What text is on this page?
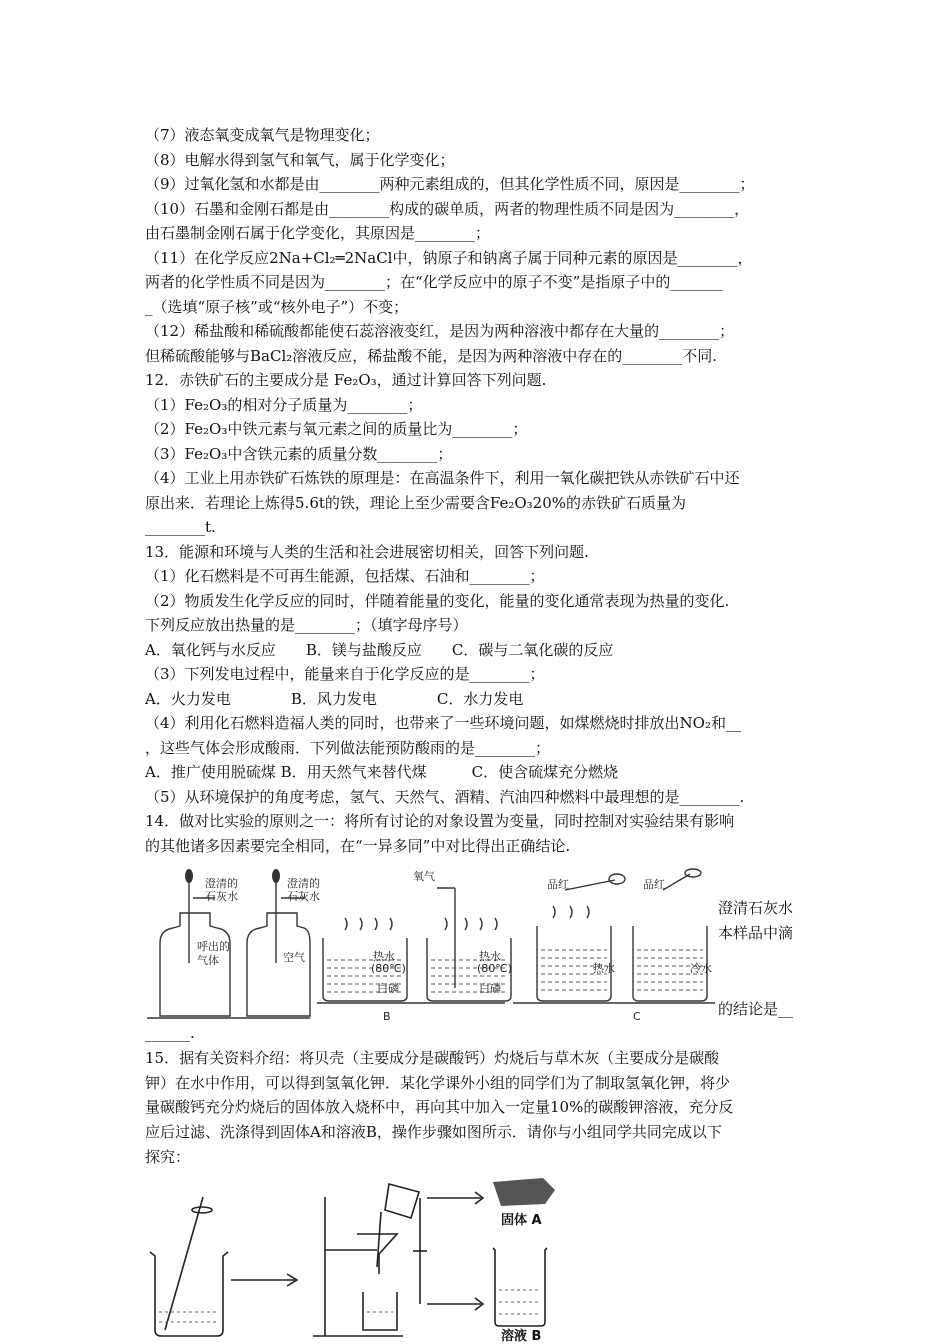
（7）液态氧变成氧气是物理变化；
（8）电解水得到氢气和氧气，属于化学变化；
（9）过氧化氢和水都是由________两种元素组成的，但其化学性质不同，原因是________；
（10）石墨和金刚石都是由________构成的碳单质，两者的物理性质不同是因为________，
由石墨制金刚石属于化学变化，其原因是________；
（11）在化学反应2Na+Cl₂═2NaCl中，钠原子和钠离子属于同种元素的原因是________，
两者的化学性质不同是因为________；在“化学反应中的原子不变”是指原子中的_______
_（选填“原子核”或“核外电子”）不变；
（12）稀盐酸和稀硫酸都能使石蕊溶液变红，是因为两种溶液中都存在大量的________；
但稀硫酸能够与BaCl₂溶液反应，稀盐酸不能，是因为两种溶液中存在的________不同.
12．赤铁矿石的主要成分是 Fe₂O₃，通过计算回答下列问题.
（1）Fe₂O₃的相对分子质量为________；
（2）Fe₂O₃中铁元素与氧元素之间的质量比为________；
（3）Fe₂O₃中含铁元素的质量分数________；
（4）工业上用赤铁矿石炼铁的原理是：在高温条件下，利用一氧化碳把铁从赤铁矿石中还
原出来．若理论上炼得5.6t的铁，理论上至少需要含Fe₂O₃20%的赤铁矿石质量为
________t.
13．能源和环境与人类的生活和社会进展密切相关，回答下列问题.
（1）化石燃料是不可再生能源，包括煤、石油和________；
（2）物质发生化学反应的同时，伴随着能量的变化，能量的变化通常表现为热量的变化.
下列反应放出热量的是________；（填字母序号）
A．氧化钙与水反应　　B．镁与盐酸反应　　C．碳与二氧化碳的反应
（3）下列发电过程中，能量来自于化学反应的是________；
A．火力发电　　　　B．风力发电　　　　C．水力发电
（4）利用化石燃料造福人类的同时，也带来了一些环境问题，如煤燃烧时排放出NO₂和__
，这些气体会形成酸雨．下列做法能预防酸雨的是________；
A．推广使用脱硫煤 B．用天然气来替代煤　　　C．使含硫煤充分燃烧
（5）从环境保护的角度考虑，氢气、天然气、酒精、汽油四种燃料中最理想的是________.
14．做对比实验的原则之一：将所有讨论的对象设置为变量，同时控制对实验结果有影响
的其他诸多因素要完全相同，在“一异多同”中对比得出正确结论.
澄清的
石灰水
澄清的
石灰水
呼出的
气体	空气
氧气
热水
(80℃)
热水
(80℃)
白磷	白磷
品红	品红
热水	冷水
B	C
澄清石灰水
本样品中滴
的结论是__
______.
15．据有关资料介绍：将贝壳（主要成分是碳酸钙）灼烧后与草木灰（主要成分是碳酸
钾）在水中作用，可以得到氢氧化钾．某化学课外小组的同学们为了制取氢氧化钾，将少
量碳酸钙充分灼烧后的固体放入烧杯中，再向其中加入一定量10%的碳酸钾溶液，充分反
应后过滤、洗涤得到固体A和溶液B，操作步骤如图所示．请你与小组同学共同完成以下
探究：
固体 A
溶液 B
